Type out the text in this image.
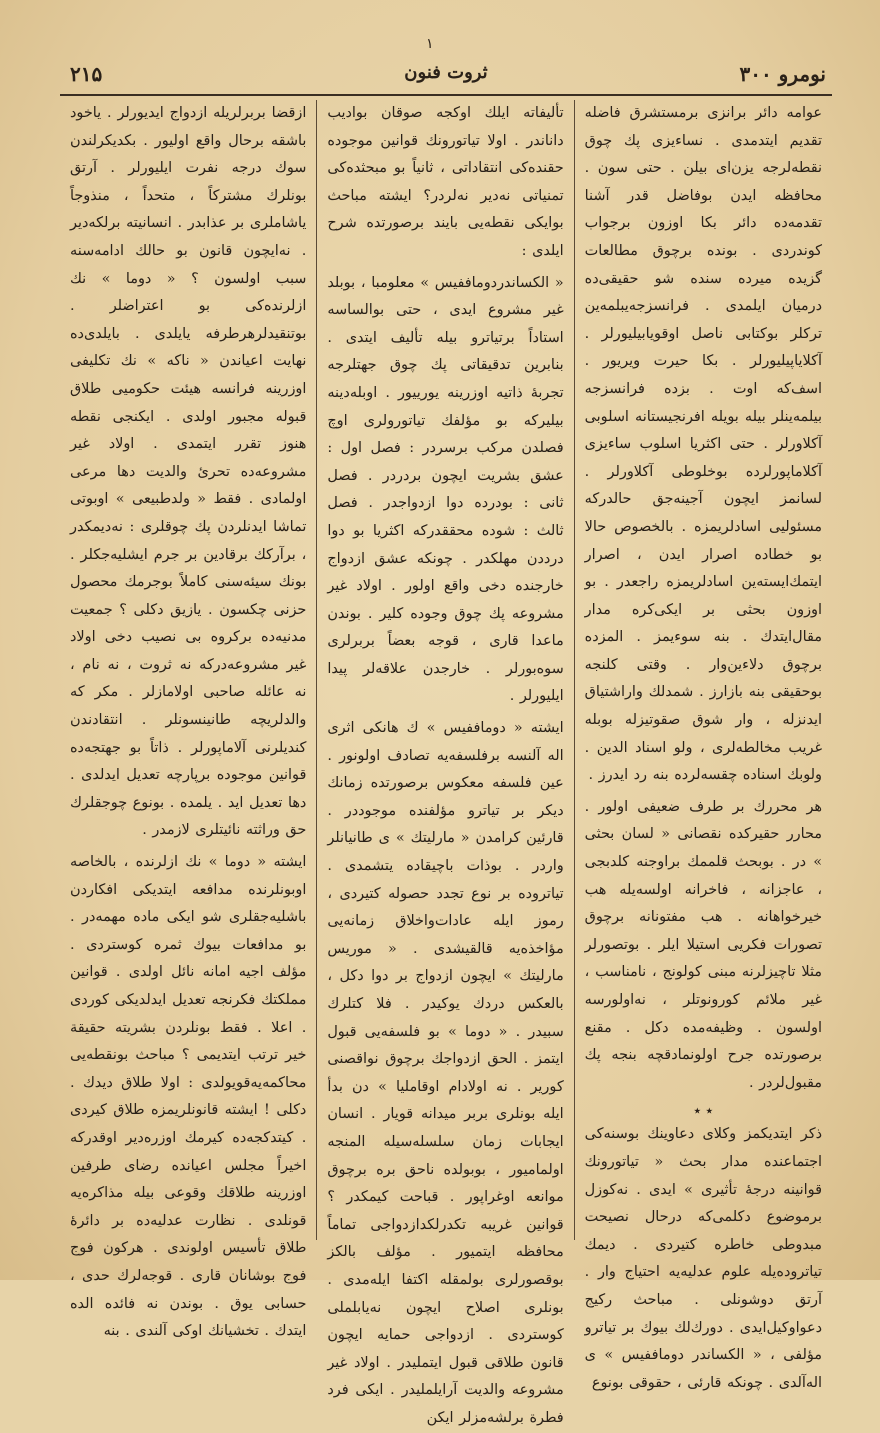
۱
۲۱۵	ثروت فنون	نومرو ۳۰۰

عوامه دائر برانزى برمستشرق فاضله تقديم ايتدمدى . نساءيزى پك چوق نقطه‌لرجه يزن‌اى بيلن . حتى سون . محافظه ايدن بوفاضل قدر آشنا تقدمه‌ده دائر بكا اوزون برجواب كوندردى . بونده برچوق مطالعات گزيده ميرده سنده شو حقيقى‌ده درميان ايلمدى . فرانسزجه‌يبلمه‌ين تركلر بوكتابى ناصل اوقويابيليورلر . آكلاياپيليورلر . بكا حيرت ويريور . اسف‌كه اوت . بزده فرانسزجه بيلمه‌ينلر بيله بويله افرنجيستانه اسلوبى آكلاورلر . حتى اكثريا اسلوب ساءيزى آكلاماپورلرده بوخلوطى آكلاورلر . لسانمز ايچون آجينه‌جق حالدركه مسئوليى اسادلريمزه . بالخصوص حالا بو خطاده اصرار ايدن ، اصرار ايتمك‌ايسته‌ين اسادلريمزه راجعدر . بو اوزون بحثى بر ايكى‌كره مدار مقال‌ايتدك . بنه سوءيمز . المزده برچوق دلاءين‌وار . وقتى كلنجه‌ بوحقيقى بنه‌ بازارز . شمدلك واراشتياق ايدنزله ، وار شوق صقوتيزله بوبله غريب مخالطه‌لرى ، ولو اسناد الدين . ولوبك اسناده چقسه‌لرده بنه رد ايدرز .

هر محررك بر طرف ضعيفى اولور . محارر حقيركده نقصانى « لسان بحثى » در . بوبحث قلممك براوجنه كلدبجى ، عاجزانه ، فاخرانه اولسه‌يله هب خيرخواهانه . هب مفتونانه برچوق تصورات فكريى استيلا ايلر . بوتصورلر مثلا تاچيزلرنه مبنى كولونج ، نامناسب ، غير ملائم كورونوتلر ، نه‌اولورسه اولسون . وظيفه‌مده دكل . مقنع برصورتده جرح اولونمادقچه بنجه پك مقبول‌لردر .

٭ ٭

ذكر ايتديكمز وكلاى دعاوينك بوسنه‌كى اجتماعنده مدار بحث « تياتورونك قوانينه درجهٔ تأثيرى » ايدى . نه‌كوزل برموضوع دكلمى‌كه درحال نصيحت مبدوطى خاطره كتيردى . ديمك تياتروده‌يله علوم عدليه‌يه احتياج وار . آرتق دوشونلى . مباحث ركيج دعواوكيل‌ايدى . دورك‌لك بيوك‌ بر تياترو مؤلفى ، « الكساندر دوماففيس » ى اله‌آلدى . چونكه قارئى ، حقوقى بونوع

تأليفاته ايلك اوكجه صوقان بواديب داناندر . اولا تياتورونك قوانين موجوده حقنده‌كى انتقاداتى ، ثانياً بو مبحثده‌كى تمنياتى نه‌دير نه‌لردر؟ ايشته مباحث بوايكى نقطه‌يى بايند برصورتده شرح ايلدى :

« الكساندردوماففيس » معلومبا ، بوبلد غير مشروع ايدى ، حتى بوالساسه استاداً برتياترو بيله تأليف ايتدى . بنابرين تدقيقاتى پك چوق جهتلرجه تجربهٔ ذاتيه اوزرينه يورييور . اوبله‌دينه بيليركه بو مؤلفك تياتورولرى اوچ فصلدن مركب برسردر : فصل اول : عشق بشريت ايچون بردردر . فصل ثانى : بودرده دوا ازدواجدر . فصل ثالث : شوده محققدركه اكثريا بو دوا درددن مهلكدر . چونكه عشق ازدواج خارجنده دخى واقع اولور . اولاد غير مشروعه پك چوق وجوده كلير . بوندن ماعدا قارى ، قوجه بعضاً بربرلرى سوه‌بورلر . خارجدن علاقه‌لر پيدا ايليورلر .

ايشته « دوماففيس » ك هانكى اثرى اله آلنسه برفلسفه‌يه تصادف اولونور . عين فلسفه معكوس برصورتده زمانك ديكر بر تياترو مؤلفنده موجوددر . قارئين كرامدن « مارليتك » ى طانيانلر واردر . بوذات باچيقاده يتشمدى . تياتروده بر نوع تجدد حصوله كتيردى ، رموز ايله عادات‌واخلاق زمانه‌يى مؤاخذه‌يه قالقيشدى . « موريس مارليتك » ايچون ازدواج بر دوا دكل ، بالعكس دردك يوكيدر . فلا كتلرك سبيدر . « دوما » بو فلسفه‌يى قبول ايتمز . الحق ازدواجك برچوق نواقصنى كورير . نه اولادام اوقامليا » دن بدأ ايله بونلرى بربر ميدانه قويار . انسان ايجابات زمان سلسله‌سيله المنجه اولماميور ، بوبولده ناحق بره برچوق موانعه اوغراپور . قباحت كيمكدر ؟ قوانين غريبه‌ تكدرلكدازدواجى تماماً محافظه‌ ايتميور . مؤلف بالكز بوقصورلرى بولمقله اكتفا ايله‌مدى . بونلرى اصلاح ايچون نه‌يابلملى كوستردى . ازدواجى حمايه ايچون قانون طلاقى قبول ايتمليدر . اولاد غير مشروعه والديت آرايلمليدر . ايكى فرد فطرة برلشه‌مزلر ايكن

ازقضا بربرلريله ازدواج ايديورلر . ياخود باشقه برحال واقع اوليور . بكديكرلندن سوك درجه نفرت ايليورلر . آرتق بونلرك مشتركاً ، متحداً ، منذوجاً ياشاملرى بر عذابدر . انسانيته برلكه‌دير . نه‌ايچون قانون بو حالك ادامه‌سنه سبب اولسون ؟ « دوما » نك ازلرنده‌كى بو اعتراضلر . بوتنقيدلرهرطرفه يايلدى . بايلدى‌ده نهايت اعياندن « ناكه » نك تكليفى اوزرينه فرانسه هيئت حكوميى طلاق قبوله مجبور اولدى . ايكنجى نقطه هنوز تقرر ايتمدى . اولاد غير مشروعه‌ده تحرئ والديت دها مرعى اولمادى . فقط « ولدطبيعى » اوبوتى تماشا ايدنلردن پك چوقلرى : نه‌ديمكدر ، برآركك برقادين بر جرم ايشليه‌جكلر . بونك سيئه‌سنى كاملاً بوجرمك محصول حزنى چكسون . يازيق دكلى ؟ جمعيت مدنيه‌ده بركروه بى نصيب دخى اولاد غير مشروعه‌دركه نه ثروت ، نه نام ، نه عائله صاحبى اولامازلر . مكر كه والدلريچه طانينسونلر . انتقادندن كنديلرنى آلاماپورلر . ذاتاً بو جهتجه‌ده قوانين موجوده برپارچه تعديل ايدلدى . دها تعديل ايد . يلمده . بونوع چوجقلرك حق وراثته نائيتلرى لازمدر .

ايشته « دوما » نك ازلرنده ، بالخاصه اوبونلرنده مدافعه ايتديكى افكاردن باشليه‌جقلرى شو ايكى ماده مهمه‌در . بو مدافعات بيوك ثمره كوستردى . مؤلف اجيه امانه نائل اولدى . قوانين مملكتك فكرنجه تعديل ايدلديكى كوردى . اعلا . فقط بونلردن بشريته حقيقة خير ترتب ايتديمى ؟ مباحث بونقطه‌يى محاكمه‌يه‌قويولدى : اولا طلاق ديدك . دكلى ! ايشته قانونلريمزه طلاق كيردى . كيتدكجه‌ده كيرمك اوزره‌دير اوقدركه اخيراً مجلس اعيانده رضاى طرفين اوزرينه طلاقك وقوعى بيله مذاكره‌يه قونلدى . نظارت عدليه‌ده بر دائرهٔ طلاق تأسيس اولوندى . هركون فوج فوج بوشانان قارى . قوجه‌لرك حدى ، حسابى يوق . بوندن نه فائده الده ايتدك . تخشيانك اوكى آلندى . بنه
